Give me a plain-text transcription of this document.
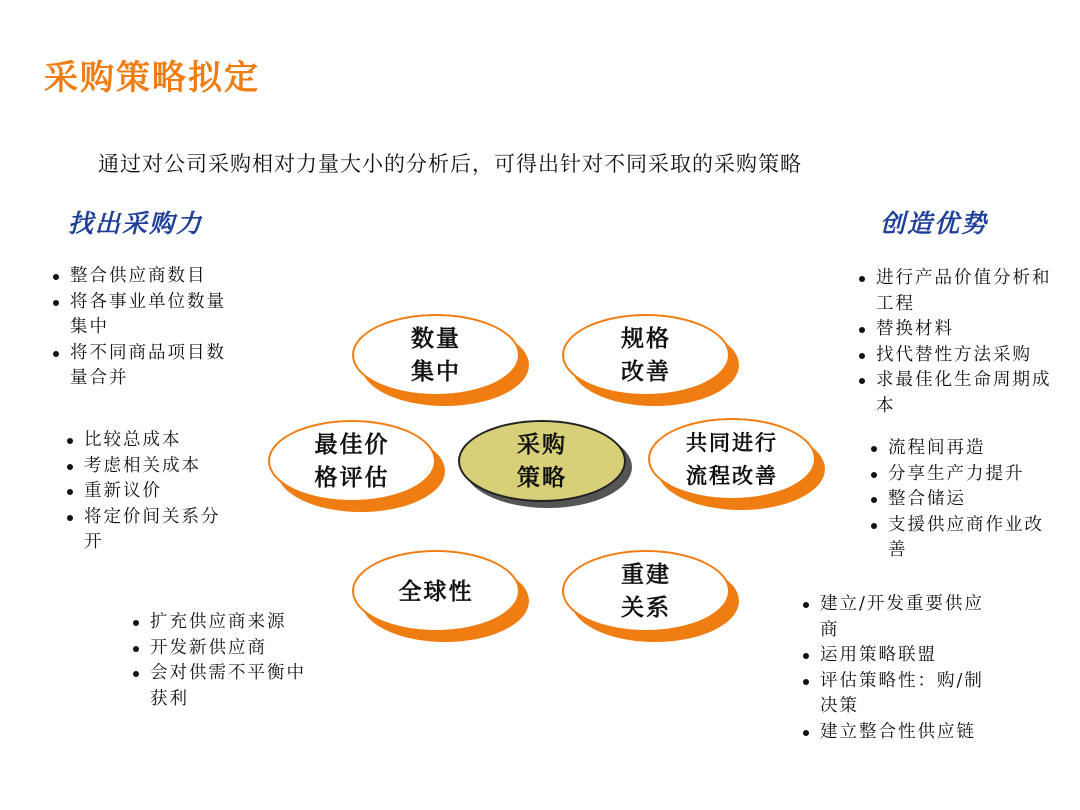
采购策略拟定
通过对公司采购相对力量大小的分析后，可得出针对不同采取的采购策略
找出采购力	创造优势
整合供应商数目
将各事业单位数量集中
将不同商品项目数量合并
比较总成本
考虑相关成本
重新议价
将定价间关系分开
扩充供应商来源
开发新供应商
会对供需不平衡中获利
进行产品价值分析和工程
替换材料
找代替性方法采购
求最佳化生命周期成本
流程间再造
分享生产力提升
整合储运
支援供应商作业改善
建立/开发重要供应商
运用策略联盟
评估策略性：购/制决策
建立整合性供应链
数量
集中
规格
改善
最佳价
格评估
采购
策略
共同进行
流程改善
全球性
重建
关系
